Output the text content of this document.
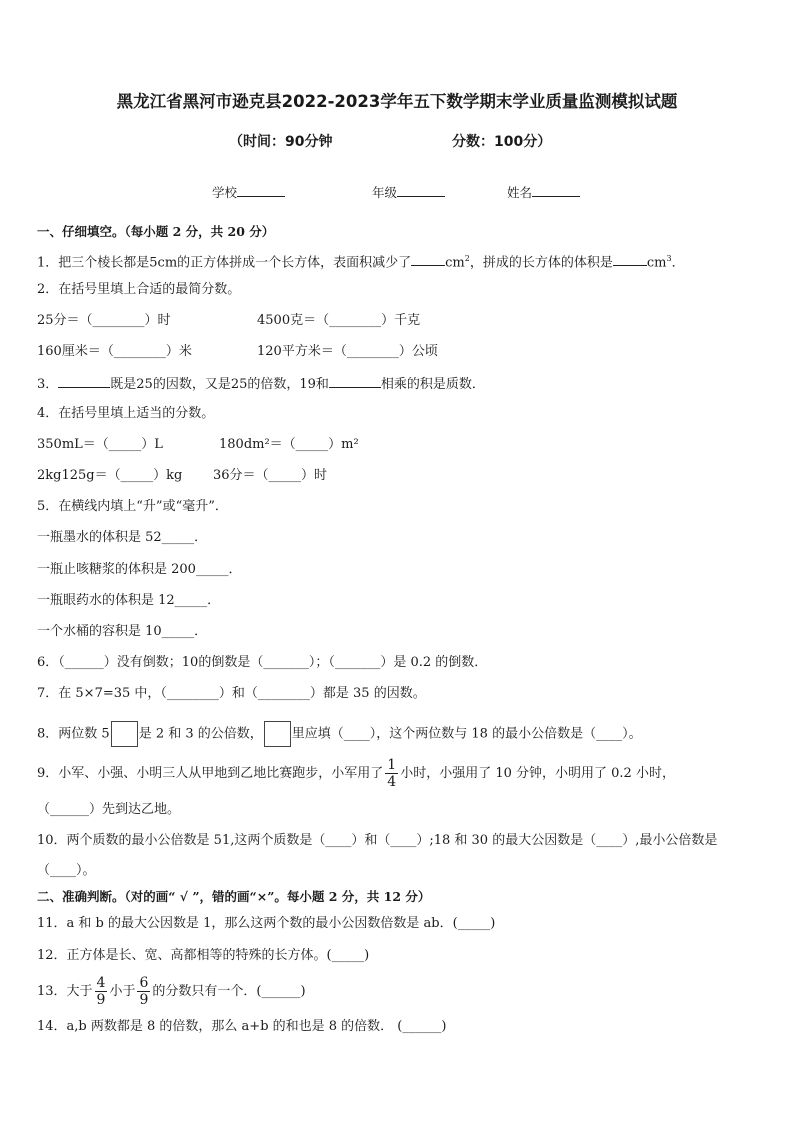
黑龙江省黑河市逊克县2022-2023学年五下数学期末学业质量监测模拟试题
（时间：90分钟	分数：100分）
学校	年级	姓名
一、仔细填空。（每小题 2 分，共 20 分）
1．把三个棱长都是5cm的正方体拼成一个长方体，表面积减少了	$cm^2$，拼成的长方体的体积是	$cm^3$．
2．在括号里填上合适的最简分数。
25分＝（________）时	4500克＝（________）千克
160厘米＝（________）米	120平方米＝（________）公顷
3．	既是25的因数，又是25的倍数，19和	相乘的积是质数．
4．在括号里填上适当的分数。
350mL＝（_____）L	180dm²＝（_____）m²
2kg125g＝（_____）kg 36分＝（_____）时
5．在横线内填上“升”或“毫升”．
一瓶墨水的体积是 52_____．
一瓶止咳糖浆的体积是 200_____．
一瓶眼药水的体积是 12_____．
一个水桶的容积是 10_____．
6．（______）没有倒数；10的倒数是（_______）；（_______）是 0.2 的倒数．
7．在 5×7=35 中，（________）和（________）都是 35 的因数。
8．两位数 5 是 2 和 3 的公倍数， 里应填（____），这个两位数与 18 的最小公倍数是（____）。
9．小军、小强、小明三人从甲地到乙地比赛跑步，小军用了 $\frac{1}{4}$ 小时，小强用了 10 分钟，小明用了 0.2 小时，
（______）先到达乙地。
10．两个质数的最小公倍数是 51,这两个质数是（____）和（____）;18 和 30 的最大公因数是（____）,最小公倍数是
（____）。
二、准确判断。（对的画“ √ ”，错的画“×”。每小题 2 分，共 12 分）
11．a 和 b 的最大公因数是 1，那么这两个数的最小公因数倍数是 ab．(_____)
12．正方体是长、宽、高都相等的特殊的长方体。(_____)
13．大于 $\frac{4}{9}$ 小于 $\frac{6}{9}$ 的分数只有一个．(______)
14．a,b 两数都是 8 的倍数，那么 a+b 的和也是 8 的倍数． (______)
